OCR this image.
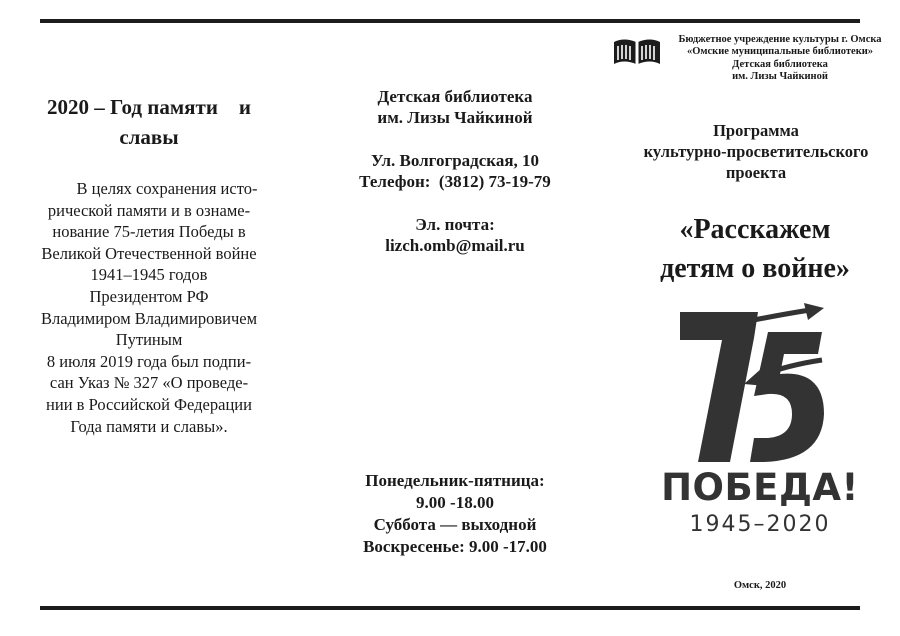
2020 – Год памяти    и
славы
В целях сохранения исто-
рической памяти и в ознаме-
нование 75-летия Победы в
Великой Отечественной войне
1941–1945 годов
Президентом РФ
Владимиром Владимировичем
Путиным
8 июля 2019 года был подпи-
сан Указ № 327 «О проведе-
нии в Российской Федерации
Года памяти и славы».
Детская библиотека
им. Лизы Чайкиной
Ул. Волгоградская, 10
Телефон:  (3812) 73-19-79
Эл. почта:
lizch.omb@mail.ru
Понедельник-пятница:
9.00 -18.00
Суббота — выходной
Воскресенье: 9.00 -17.00
Бюджетное учреждение культуры г. Омска
«Омские муниципальные библиотеки»
Детская библиотека
им. Лизы Чайкиной
Программа
культурно-просветительского
проекта
«Расскажем
детям о войне»
ПОБЕДА!
1945–2020
Омск, 2020
